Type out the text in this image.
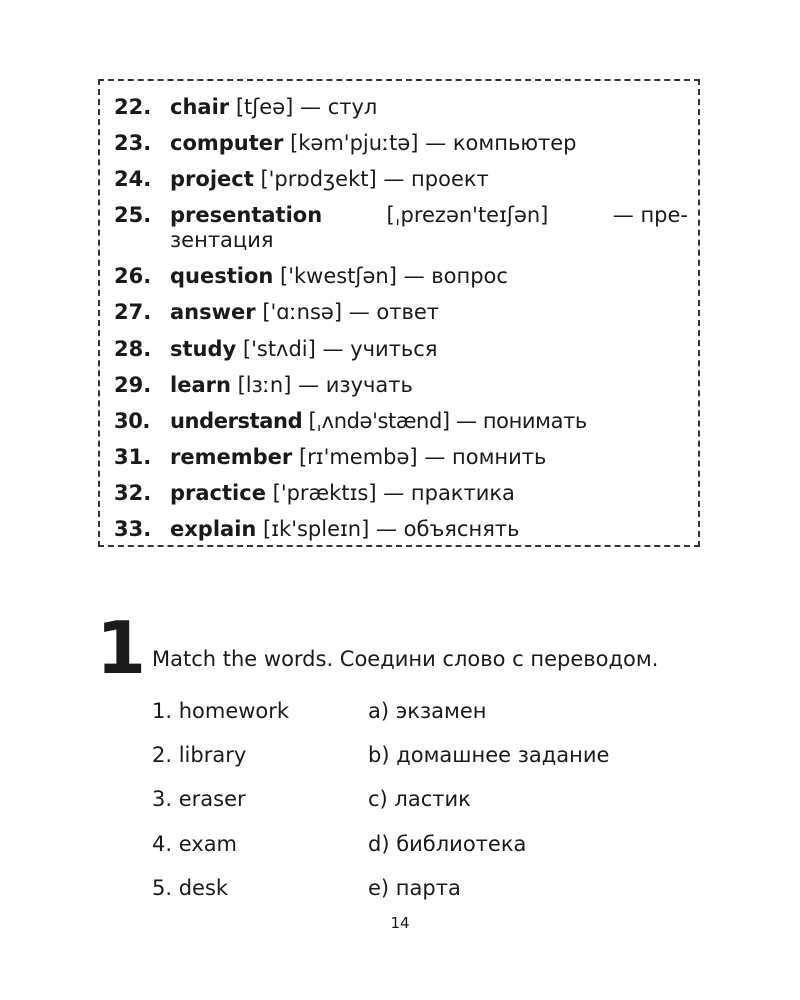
22. chair [tʃeə] — стул
23. computer [kəm'pjuːtə] — компьютер
24. project ['prɒdʒekt] — проект
25. presentation	[ˌprezən'teɪʃən]	— пре-
зентация
26. question ['kwestʃən] — вопрос
27. answer ['ɑːnsə] — ответ
28. study ['stʌdi] — учиться
29. learn [lɜːn] — изучать
30. understand [ˌʌndə'stænd] — понимать
31. remember [rɪ'membə] — помнить
32. practice ['præktɪs] — практика
33. explain [ɪk'spleɪn] — объяснять
1 Match the words. Соедини слово с переводом.
1. homework
2. library
3. eraser
4. exam
5. desk
a) экзамен
b) домашнее задание
c) ластик
d) библиотека
e) парта
14
